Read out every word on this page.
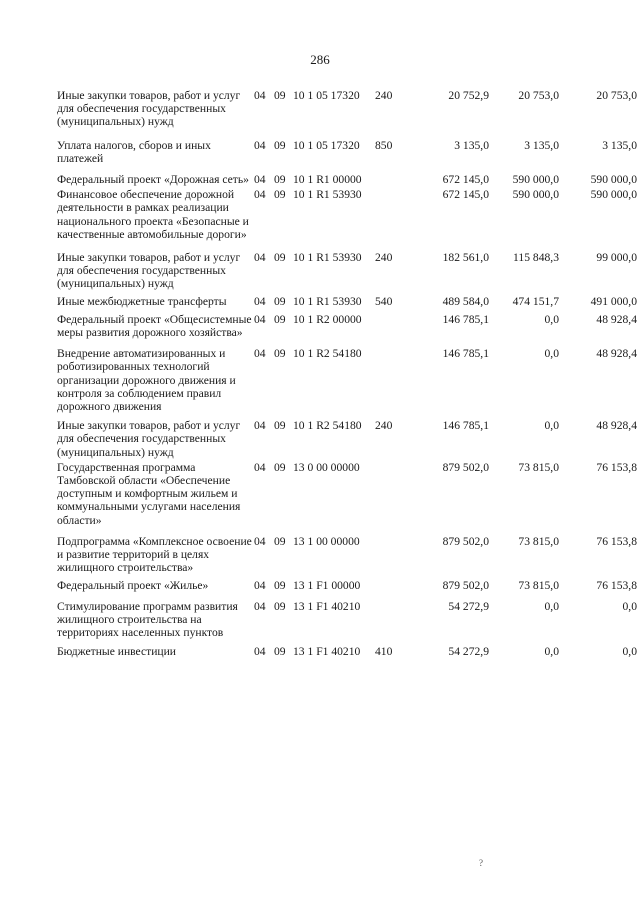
286
Иные закупки товаров, работ и услуг для обеспечения государственных (муниципальных) нужд	04	09	10 1 05 17320	240	20 752,9	20 753,0	20 753,0
Уплата налогов, сборов и иных платежей	04	09	10 1 05 17320	850	3 135,0	3 135,0	3 135,0
Федеральный проект «Дорожная сеть»	04	09	10 1 R1 00000		672 145,0	590 000,0	590 000,0
Финансовое обеспечение дорожной деятельности в рамках реализации национального проекта «Безопасные и качественные автомобильные дороги»	04	09	10 1 R1 53930		672 145,0	590 000,0	590 000,0
Иные закупки товаров, работ и услуг для обеспечения государственных (муниципальных) нужд	04	09	10 1 R1 53930	240	182 561,0	115 848,3	99 000,0
Иные межбюджетные трансферты	04	09	10 1 R1 53930	540	489 584,0	474 151,7	491 000,0
Федеральный проект «Общесистемные меры развития дорожного хозяйства»	04	09	10 1 R2 00000		146 785,1	0,0	48 928,4
Внедрение автоматизированных и роботизированных технологий организации дорожного движения и контроля за соблюдением правил дорожного движения	04	09	10 1 R2 54180		146 785,1	0,0	48 928,4
Иные закупки товаров, работ и услуг для обеспечения государственных (муниципальных) нужд	04	09	10 1 R2 54180	240	146 785,1	0,0	48 928,4
Государственная программа Тамбовской области «Обеспечение доступным и комфортным жильем и коммунальными услугами населения области»	04	09	13 0 00 00000		879 502,0	73 815,0	76 153,8
Подпрограмма «Комплексное освоение и развитие территорий в целях жилищного строительства»	04	09	13 1 00 00000		879 502,0	73 815,0	76 153,8
Федеральный проект «Жилье»	04	09	13 1 F1 00000		879 502,0	73 815,0	76 153,8
Стимулирование программ развития жилищного строительства на территориях населенных пунктов	04	09	13 1 F1 40210		54 272,9	0,0	0,0
Бюджетные инвестиции	04	09	13 1 F1 40210	410	54 272,9	0,0	0,0
?
